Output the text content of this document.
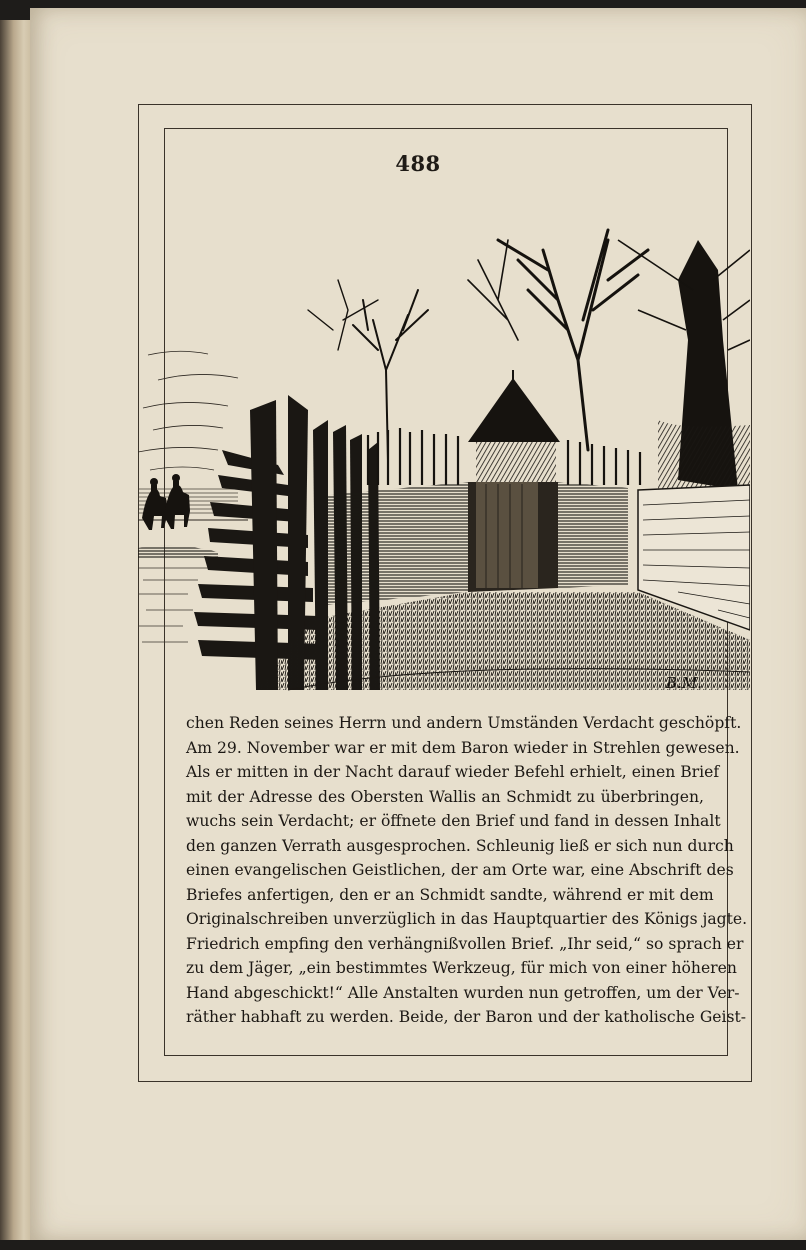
488
B.M.
chen Reden seines Herrn und andern Umständen Verdacht geschöpft.
Am 29. November war er mit dem Baron wieder in Strehlen gewesen.
Als er mitten in der Nacht darauf wieder Befehl erhielt, einen Brief
mit der Adresse des Obersten Wallis an Schmidt zu überbringen,
wuchs sein Verdacht; er öffnete den Brief und fand in dessen Inhalt
den ganzen Verrath ausgesprochen. Schleunig ließ er sich nun durch
einen evangelischen Geistlichen, der am Orte war, eine Abschrift des
Briefes anfertigen, den er an Schmidt sandte, während er mit dem
Originalschreiben unverzüglich in das Hauptquartier des Königs jagte.
Friedrich empfing den verhängnißvollen Brief. „Ihr seid,“ so sprach er
zu dem Jäger, „ein bestimmtes Werkzeug, für mich von einer höheren
Hand abgeschickt!“ Alle Anstalten wurden nun getroffen, um der Ver-
räther habhaft zu werden. Beide, der Baron und der katholische Geist-
